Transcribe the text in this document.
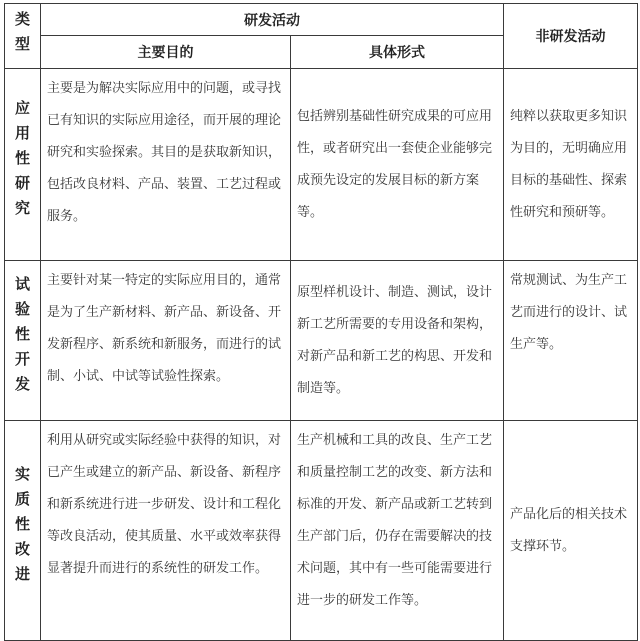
类型	研发活动		非研发活动
	主要目的	具体形式	
应用性研究	主要是为解决实际应用中的问题，或寻找已有知识的实际应用途径，而开展的理论研究和实验探索。其目的是获取新知识，包括改良材料、产品、装置、工艺过程或服务。	包括辨别基础性研究成果的可应用性，或者研究出一套使企业能够完成预先设定的发展目标的新方案等。	纯粹以获取更多知识为目的，无明确应用目标的基础性、探索性研究和预研等。
试验性开发	主要针对某一特定的实际应用目的，通常是为了生产新材料、新产品、新设备、开发新程序、新系统和新服务，而进行的试制、小试、中试等试验性探索。	原型样机设计、制造、测试，设计新工艺所需要的专用设备和架构，对新产品和新工艺的构思、开发和制造等。	常规测试、为生产工艺而进行的设计、试生产等。
实质性改进	利用从研究或实际经验中获得的知识，对已产生或建立的新产品、新设备、新程序和新系统进行进一步研发、设计和工程化等改良活动，使其质量、水平或效率获得显著提升而进行的系统性的研发工作。	生产机械和工具的改良、生产工艺和质量控制工艺的改变、新方法和标准的开发、新产品或新工艺转到生产部门后，仍存在需要解决的技术问题，其中有一些可能需要进行进一步的研发工作等。	产品化后的相关技术支撑环节。
